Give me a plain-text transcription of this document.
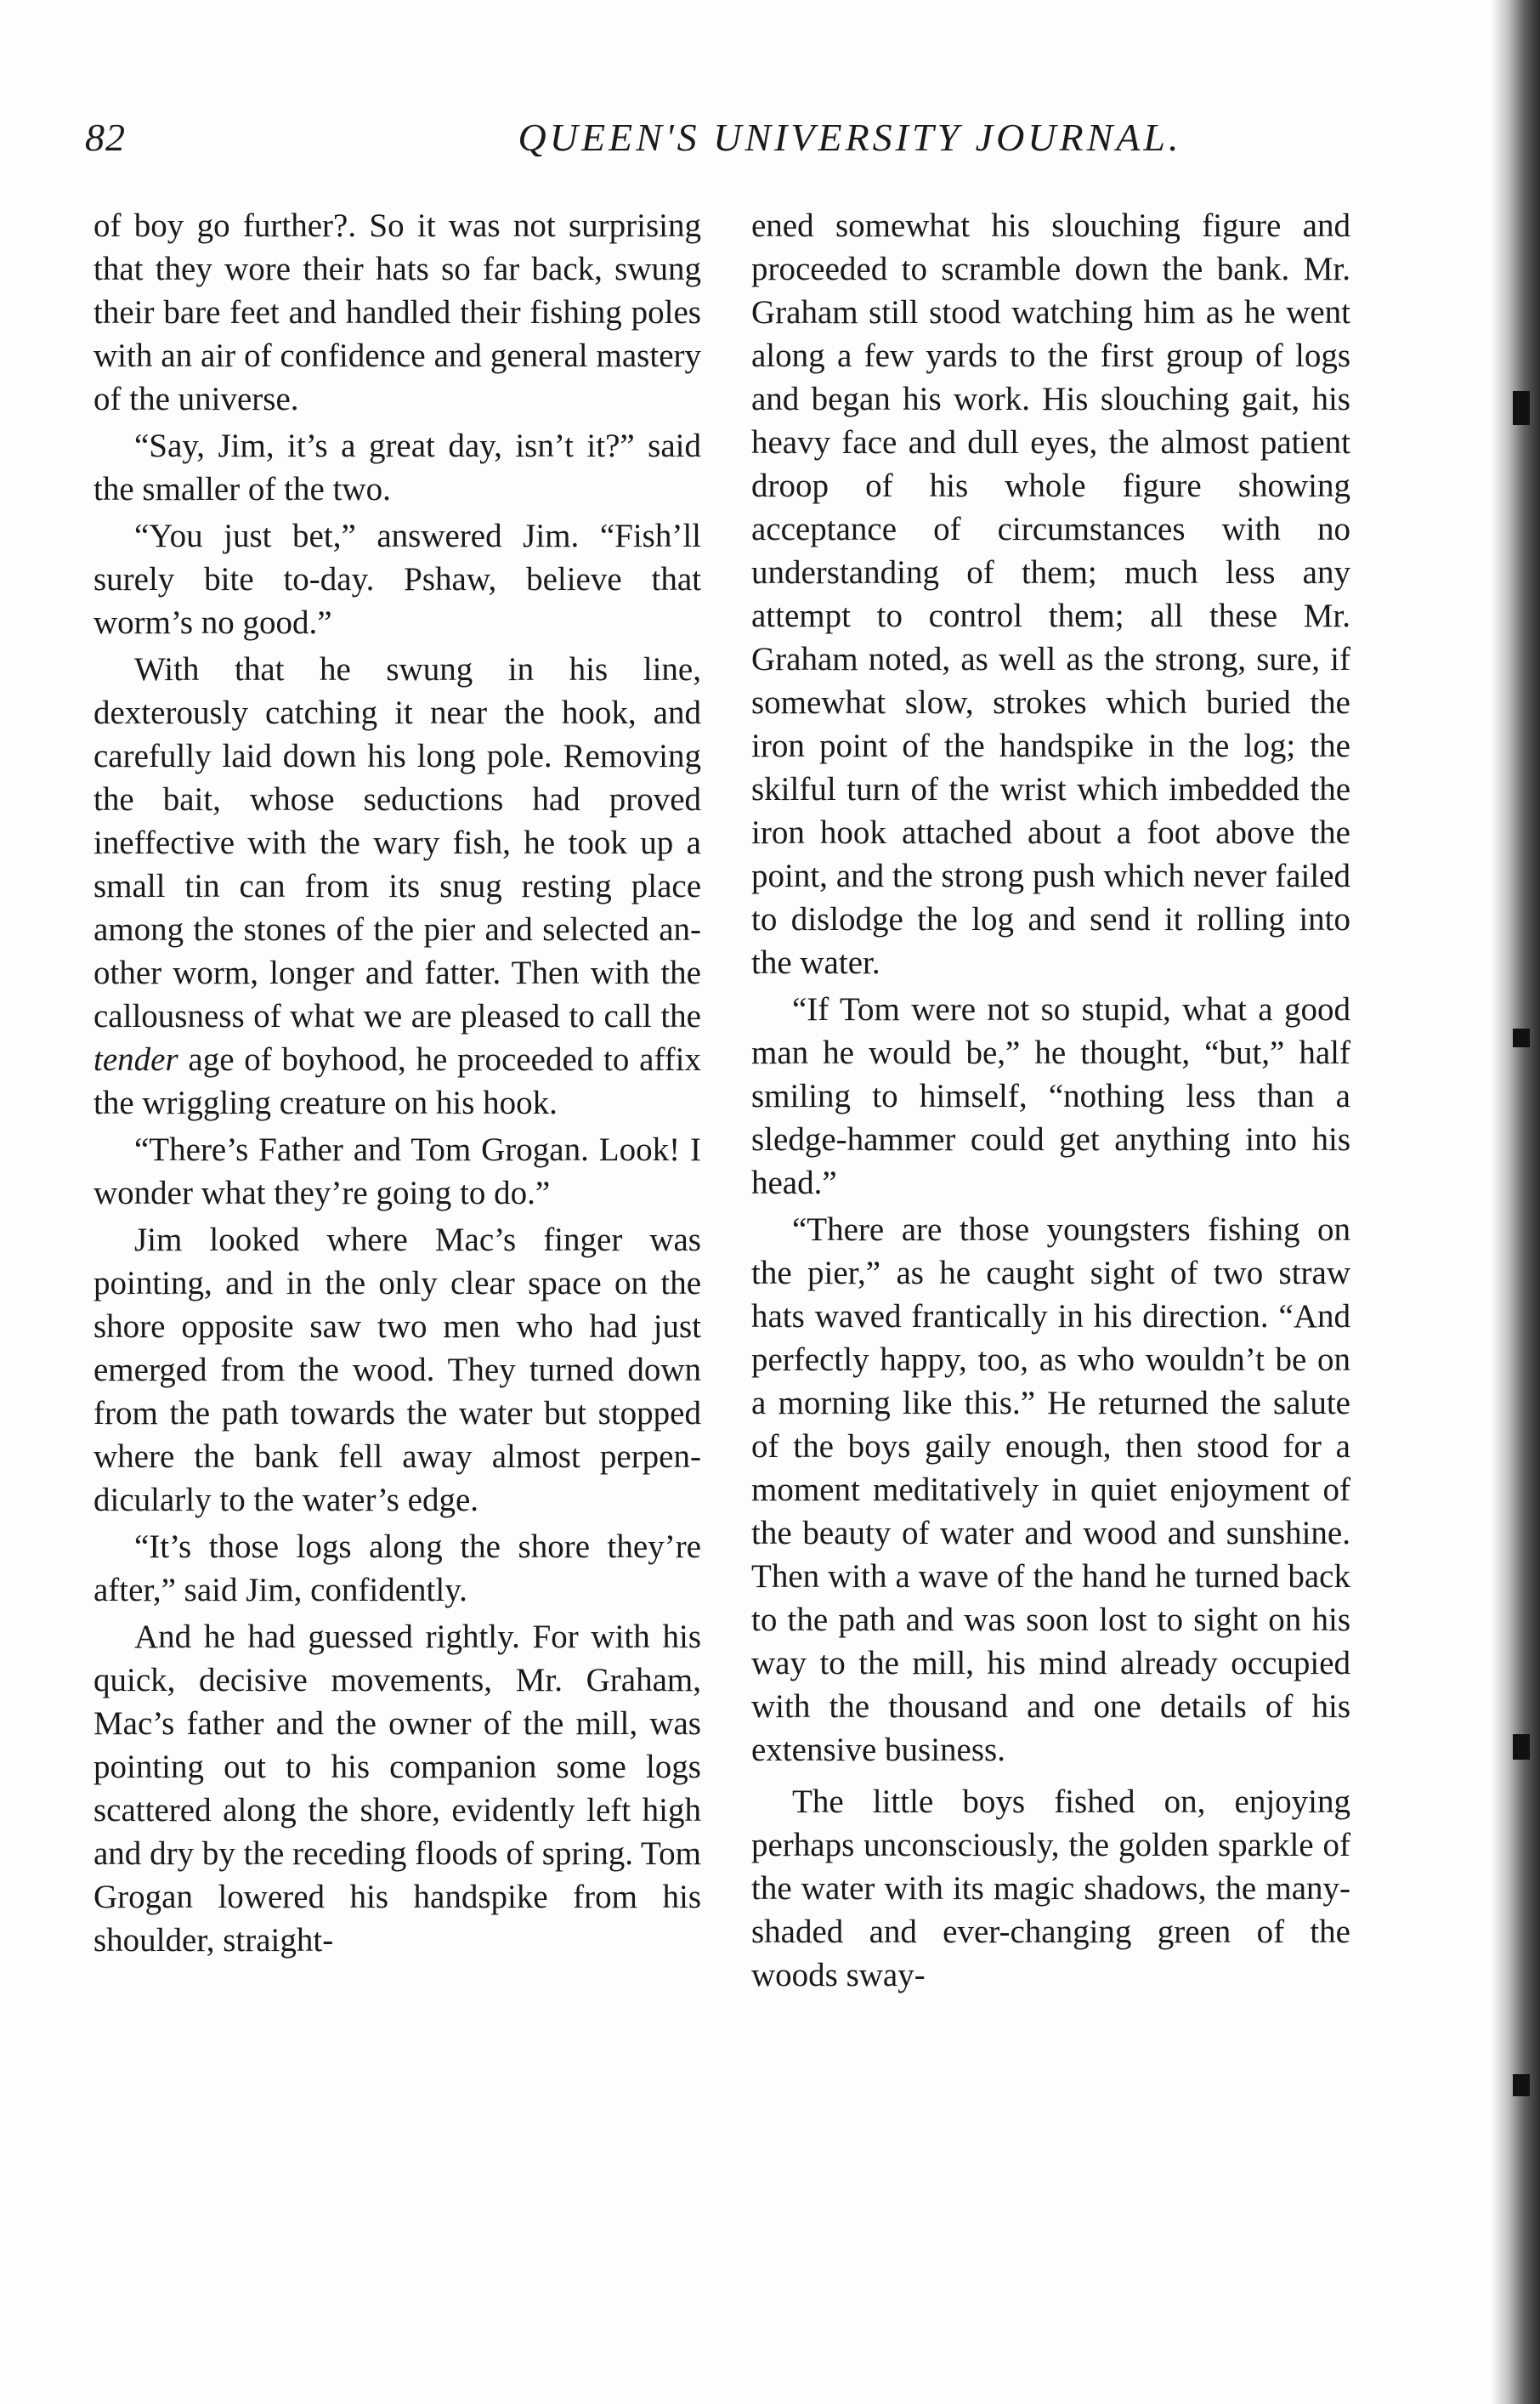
82	QUEEN'S UNIVERSITY JOURNAL.

of boy go further?. So it was not surprising that they wore their hats so far back, swung their bare feet and handled their fishing poles with an air of confidence and general mastery of the universe.

“Say, Jim, it’s a great day, isn’t it?” said the smaller of the two.

“You just bet,” answered Jim. “Fish’ll surely bite to-day. Pshaw, believe that worm’s no good.”

With that he swung in his line, dexterously catching it near the hook, and carefully laid down his long pole. Removing the bait, whose seductions had proved ineffective with the wary fish, he took up a small tin can from its snug resting place among the stones of the pier and selected another worm, longer and fatter. Then with the callousness of what we are pleased to call the tender age of boyhood, he proceeded to affix the wriggling creature on his hook.

“There’s Father and Tom Grogan. Look! I wonder what they’re going to do.”

Jim looked where Mac’s finger was pointing, and in the only clear space on the shore opposite saw two men who had just emerged from the wood. They turned down from the path towards the water but stopped where the bank fell away almost perpendicularly to the water’s edge.

“It’s those logs along the shore they’re after,” said Jim, confidently.

And he had guessed rightly. For with his quick, decisive movements, Mr. Graham, Mac’s father and the owner of the mill, was pointing out to his companion some logs scattered along the shore, evidently left high and dry by the receding floods of spring. Tom Grogan lowered his handspike from his shoulder, straight-

ened somewhat his slouching figure and proceeded to scramble down the bank. Mr. Graham still stood watching him as he went along a few yards to the first group of logs and began his work. His slouching gait, his heavy face and dull eyes, the almost patient droop of his whole figure showing acceptance of circumstances with no understanding of them; much less any attempt to control them; all these Mr. Graham noted, as well as the strong, sure, if somewhat slow, strokes which buried the iron point of the handspike in the log; the skilful turn of the wrist which imbedded the iron hook attached about a foot above the point, and the strong push which never failed to dislodge the log and send it rolling into the water.

“If Tom were not so stupid, what a good man he would be,” he thought, “but,” half smiling to himself, “nothing less than a sledge-hammer could get anything into his head.”

“There are those youngsters fishing on the pier,” as he caught sight of two straw hats waved frantically in his direction. “And perfectly happy, too, as who wouldn’t be on a morning like this.” He returned the salute of the boys gaily enough, then stood for a moment meditatively in quiet enjoyment of the beauty of water and wood and sunshine. Then with a wave of the hand he turned back to the path and was soon lost to sight on his way to the mill, his mind already occupied with the thousand and one details of his extensive business.

The little boys fished on, enjoying perhaps unconsciously, the golden sparkle of the water with its magic shadows, the many-shaded and ever-changing green of the woods sway-
